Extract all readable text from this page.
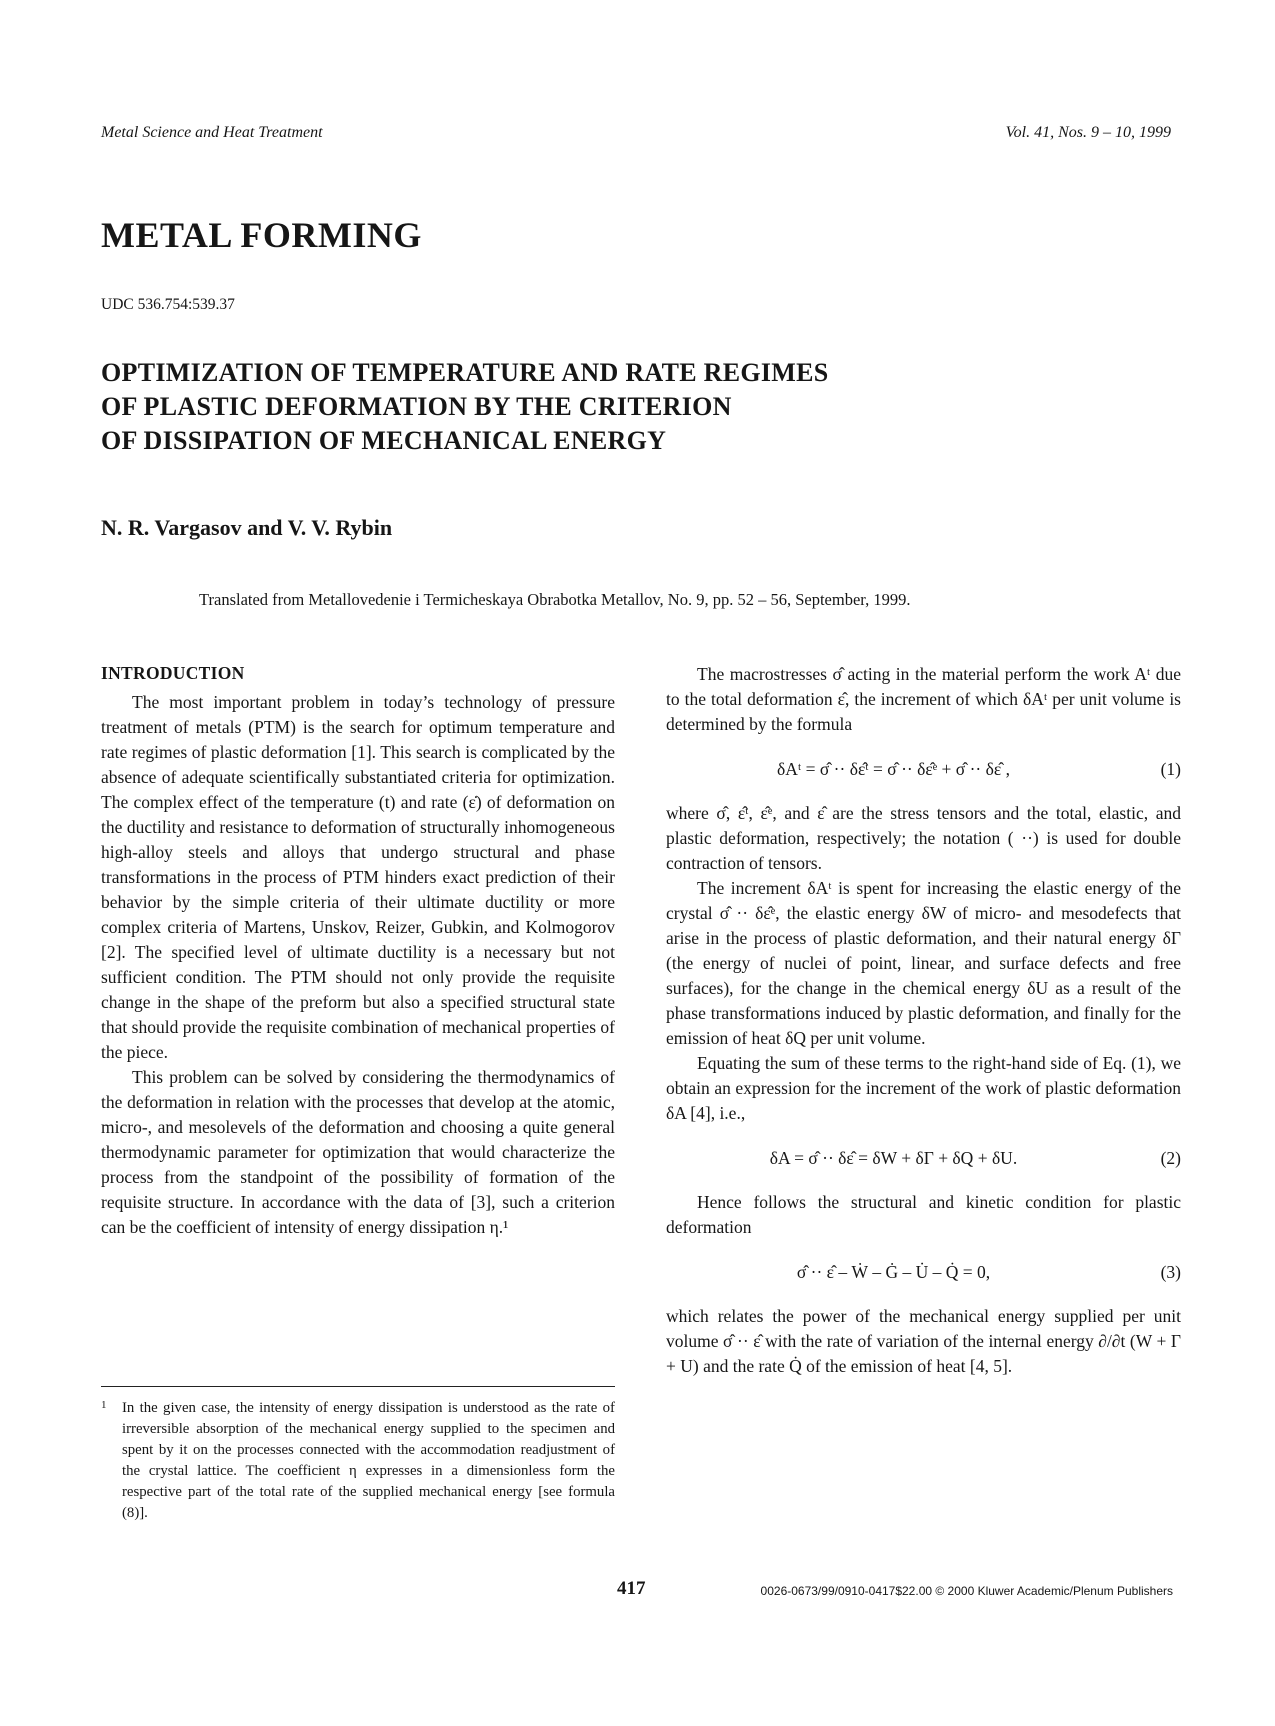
Metal Science and Heat Treatment	Vol. 41, Nos. 9 – 10, 1999
METAL FORMING
UDC 536.754:539.37
OPTIMIZATION OF TEMPERATURE AND RATE REGIMES
OF PLASTIC DEFORMATION BY THE CRITERION
OF DISSIPATION OF MECHANICAL ENERGY
N. R. Vargasov and V. V. Rybin
Translated from Metallovedenie i Termicheskaya Obrabotka Metallov, No. 9, pp. 52 – 56, September, 1999.
INTRODUCTION

The most important problem in today’s technology of pressure treatment of metals (PTM) is the search for optimum temperature and rate regimes of plastic deformation [1]. This search is complicated by the absence of adequate scientifically substantiated criteria for optimization. The complex effect of the temperature (t) and rate (ε̇) of deformation on the ductility and resistance to deformation of structurally inhomogeneous high-alloy steels and alloys that undergo structural and phase transformations in the process of PTM hinders exact prediction of their behavior by the simple criteria of their ultimate ductility or more complex criteria of Martens, Unskov, Reizer, Gubkin, and Kolmogorov [2]. The specified level of ultimate ductility is a necessary but not sufficient condition. The PTM should not only provide the requisite change in the shape of the preform but also a specified structural state that should provide the requisite combination of mechanical properties of the piece.

This problem can be solved by considering the thermodynamics of the deformation in relation with the processes that develop at the atomic, micro-, and mesolevels of the deformation and choosing a quite general thermodynamic parameter for optimization that would characterize the process from the standpoint of the possibility of formation of the requisite structure. In accordance with the data of [3], such a criterion can be the coefficient of intensity of energy dissipation η.¹

1	In the given case, the intensity of energy dissipation is understood as the rate of irreversible absorption of the mechanical energy supplied to the specimen and spent by it on the processes connected with the accommodation readjustment of the crystal lattice. The coefficient η expresses in a dimensionless form the respective part of the total rate of the supplied mechanical energy [see formula (8)].

The macrostresses σ̂ acting in the material perform the work Aᵗ due to the total deformation ε̂, the increment of which δAᵗ per unit volume is determined by the formula

δAᵗ = σ̂ ·· δε̂ᵗ = σ̂ ·· δε̂ᵉ + σ̂ ·· δε̂ ,	(1)

where σ̂, ε̂ᵗ, ε̂ᵉ, and ε̂ are the stress tensors and the total, elastic, and plastic deformation, respectively; the notation ( ··) is used for double contraction of tensors.

The increment δAᵗ is spent for increasing the elastic energy of the crystal σ̂ ·· δε̂ᵉ, the elastic energy δW of micro- and mesodefects that arise in the process of plastic deformation, and their natural energy δΓ (the energy of nuclei of point, linear, and surface defects and free surfaces), for the change in the chemical energy δU as a result of the phase transformations induced by plastic deformation, and finally for the emission of heat δQ per unit volume.

Equating the sum of these terms to the right-hand side of Eq. (1), we obtain an expression for the increment of the work of plastic deformation δA [4], i.e.,

δA = σ̂ ·· δε̂ = δW + δΓ + δQ + δU.	(2)

Hence follows the structural and kinetic condition for plastic deformation

σ̂ ·· ε̂ – Ẇ – Ġ – U̇ – Q̇ = 0,	(3)

which relates the power of the mechanical energy supplied per unit volume σ̂ ·· ε̂ with the rate of variation of the internal energy ∂/∂t (W + Γ + U) and the rate Q̇ of the emission of heat [4, 5].

417	0026-0673/99/0910-0417$22.00 © 2000 Kluwer Academic/Plenum Publishers
